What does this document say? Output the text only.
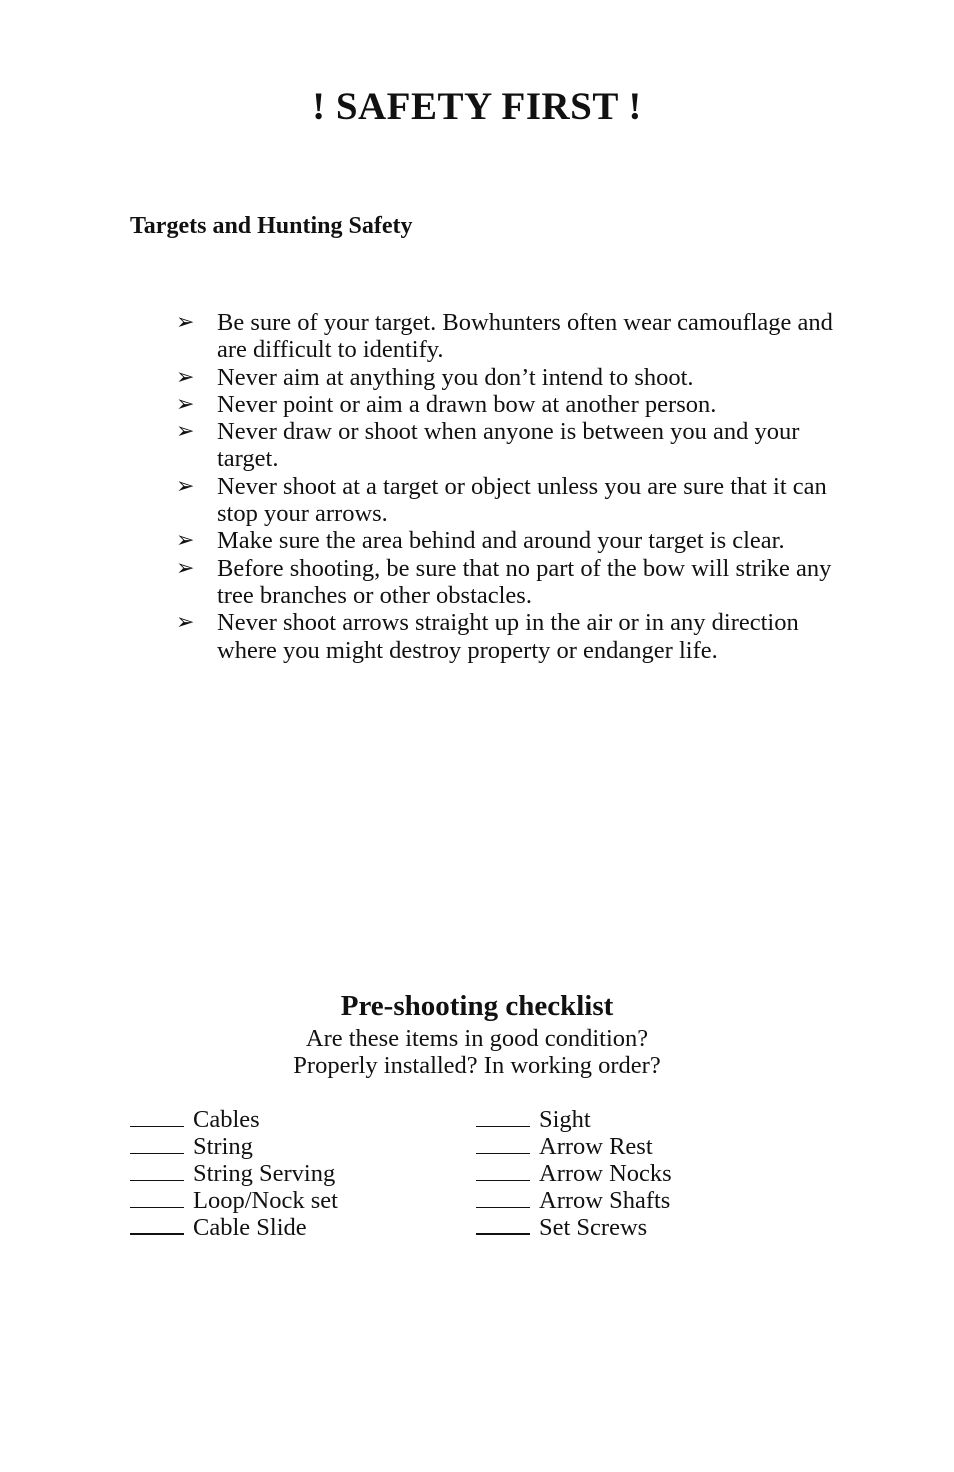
! SAFETY FIRST !
Targets and Hunting Safety
➢ Be sure of your target. Bowhunters often wear camouflage and are difficult to identify.
➢ Never aim at anything you don’t intend to shoot.
➢ Never point or aim a drawn bow at another person.
➢ Never draw or shoot when anyone is between you and your target.
➢ Never shoot at a target or object unless you are sure that it can stop your arrows.
➢ Make sure the area behind and around your target is clear.
➢ Before shooting, be sure that no part of the bow will strike any tree branches or other obstacles.
➢ Never shoot arrows straight up in the air or in any direction where you might destroy property or endanger life.
Pre-shooting checklist

Are these items in good condition?

Properly installed? In working order?

Cables
String
String Serving
Loop/Nock set
Cable Slide
Sight
Arrow Rest
Arrow Nocks
Arrow Shafts
Set Screws
